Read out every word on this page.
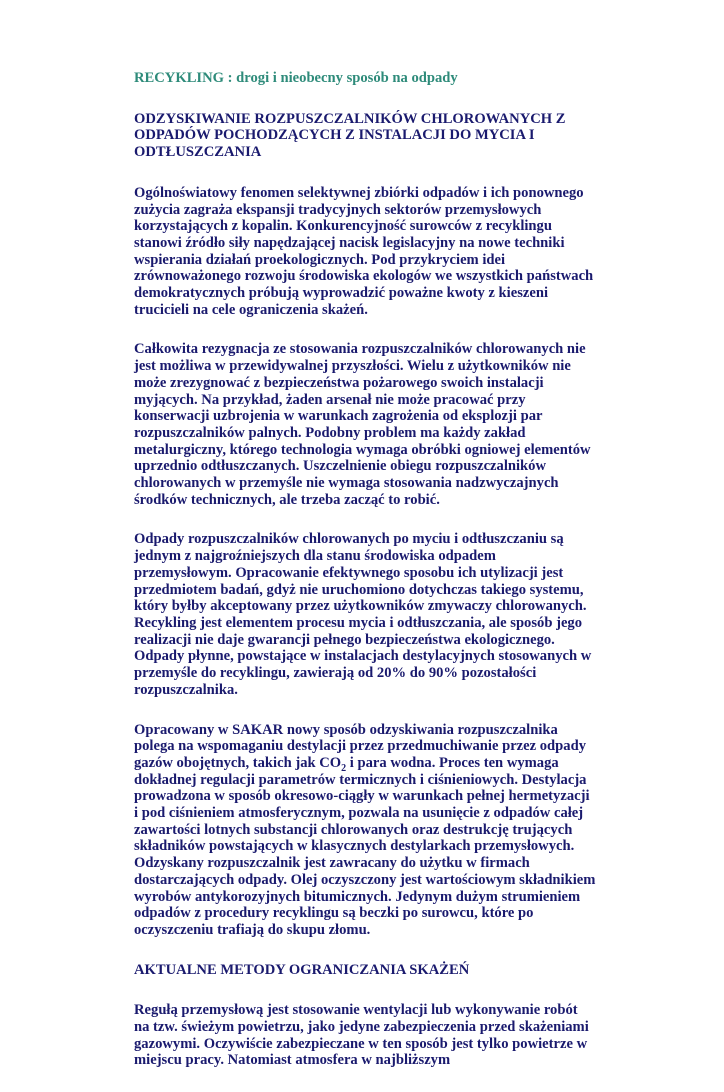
RECYKLING : drogi i nieobecny sposób na odpady
ODZYSKIWANIE ROZPUSZCZALNIKÓW CHLOROWANYCH Z ODPADÓW POCHODZĄCYCH Z INSTALACJI DO MYCIA I ODTŁUSZCZANIA

Ogólnoświatowy fenomen selektywnej zbiórki odpadów i ich ponownego zużycia zagraża ekspansji tradycyjnych sektorów przemysłowych korzystających z kopalin. Konkurencyjność surowców z recyklingu stanowi źródło siły napędzającej nacisk legislacyjny na nowe techniki wspierania działań proekologicznych. Pod przykryciem idei zrównoważonego rozwoju środowiska ekologów we wszystkich państwach demokratycznych próbują wyprowadzić poważne kwoty z kieszeni trucicieli na cele ograniczenia skażeń.

Całkowita rezygnacja ze stosowania rozpuszczalników chlorowanych nie jest możliwa w przewidywalnej przyszłości. Wielu z użytkowników nie może zrezygnować z bezpieczeństwa pożarowego swoich instalacji myjących. Na przykład, żaden arsenał nie może pracować przy konserwacji uzbrojenia w warunkach zagrożenia od eksplozji par rozpuszczalników palnych. Podobny problem ma każdy zakład metalurgiczny, którego technologia wymaga obróbki ogniowej elementów uprzednio odtłuszczanych. Uszczelnienie obiegu rozpuszczalników chlorowanych w przemyśle nie wymaga stosowania nadzwyczajnych środków technicznych, ale trzeba zacząć to robić.

Odpady rozpuszczalników chlorowanych po myciu i odtłuszczaniu są jednym z najgroźniejszych dla stanu środowiska odpadem przemysłowym. Opracowanie efektywnego sposobu ich utylizacji jest przedmiotem badań, gdyż nie uruchomiono dotychczas takiego systemu, który byłby akceptowany przez użytkowników zmywaczy chlorowanych. Recykling jest elementem procesu mycia i odtłuszczania, ale sposób jego realizacji nie daje gwarancji pełnego bezpieczeństwa ekologicznego. Odpady płynne, powstające w instalacjach destylacyjnych stosowanych w przemyśle do recyklingu, zawierają od 20% do 90% pozostałości rozpuszczalnika.

Opracowany w SAKAR nowy sposób odzyskiwania rozpuszczalnika polega na wspomaganiu destylacji przez przedmuchiwanie przez odpady gazów obojętnych, takich jak $CO_2$ i para wodna. Proces ten wymaga dokładnej regulacji parametrów termicznych i ciśnieniowych. Destylacja prowadzona w sposób okresowo-ciągły w warunkach pełnej hermetyzacji i pod ciśnieniem atmosferycznym, pozwala na usunięcie z odpadów całej zawartości lotnych substancji chlorowanych oraz destrukcję trujących składników powstających w klasycznych destylarkach przemysłowych. Odzyskany rozpuszczalnik jest zawracany do użytku w firmach dostarczających odpady. Olej oczyszczony jest wartościowym składnikiem wyrobów antykorozyjnych bitumicznych. Jedynym dużym strumieniem odpadów z procedury recyklingu są beczki po surowcu, które po oczyszczeniu trafiają do skupu złomu.

AKTUALNE METODY OGRANICZANIA SKAŻEŃ

Regułą przemysłową jest stosowanie wentylacji lub wykonywanie robót na tzw. świeżym powietrzu, jako jedyne zabezpieczenia przed skażeniami gazowymi. Oczywiście zabezpieczane w ten sposób jest tylko powietrze w miejscu pracy. Natomiast atmosfera w najbliższym
